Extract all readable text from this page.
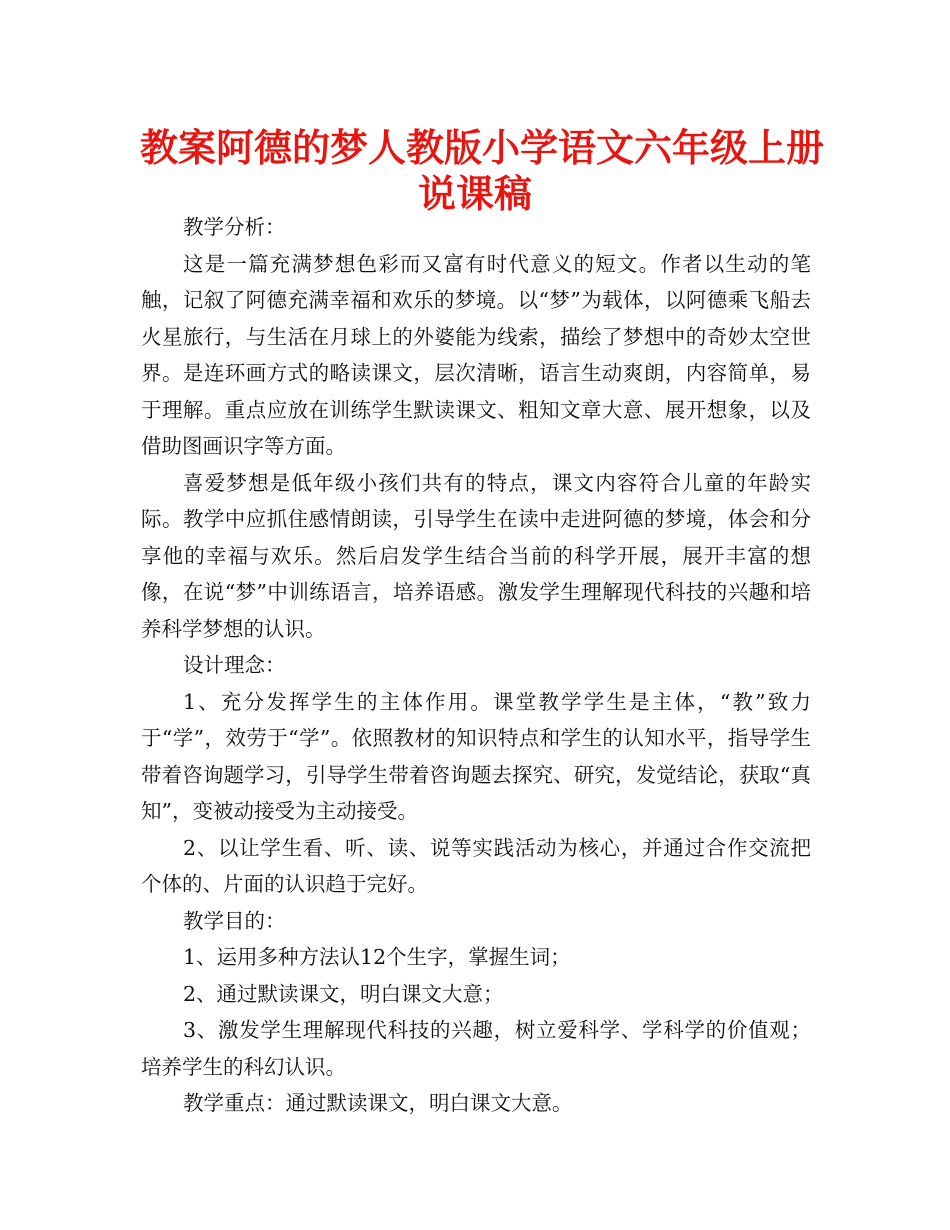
教案阿德的梦人教版小学语文六年级上册
说课稿

教学分析：

这是一篇充满梦想色彩而又富有时代意义的短文。作者以生动的笔触，记叙了阿德充满幸福和欢乐的梦境。以“梦”为载体，以阿德乘飞船去火星旅行，与生活在月球上的外婆能为线索，描绘了梦想中的奇妙太空世界。是连环画方式的略读课文，层次清晰，语言生动爽朗，内容简单，易于理解。重点应放在训练学生默读课文、粗知文章大意、展开想象，以及借助图画识字等方面。

喜爱梦想是低年级小孩们共有的特点，课文内容符合儿童的年龄实际。教学中应抓住感情朗读，引导学生在读中走进阿德的梦境，体会和分享他的幸福与欢乐。然后启发学生结合当前的科学开展，展开丰富的想像，在说“梦”中训练语言，培养语感。激发学生理解现代科技的兴趣和培养科学梦想的认识。

设计理念：

1、充分发挥学生的主体作用。课堂教学学生是主体，“教”致力于“学”，效劳于“学”。依照教材的知识特点和学生的认知水平，指导学生带着咨询题学习，引导学生带着咨询题去探究、研究，发觉结论，获取“真知”，变被动接受为主动接受。

2、以让学生看、听、读、说等实践活动为核心，并通过合作交流把个体的、片面的认识趋于完好。

教学目的：

1、运用多种方法认12个生字，掌握生词；

2、通过默读课文，明白课文大意；

3、激发学生理解现代科技的兴趣，树立爱科学、学科学的价值观；培养学生的科幻认识。

教学重点：通过默读课文，明白课文大意。
